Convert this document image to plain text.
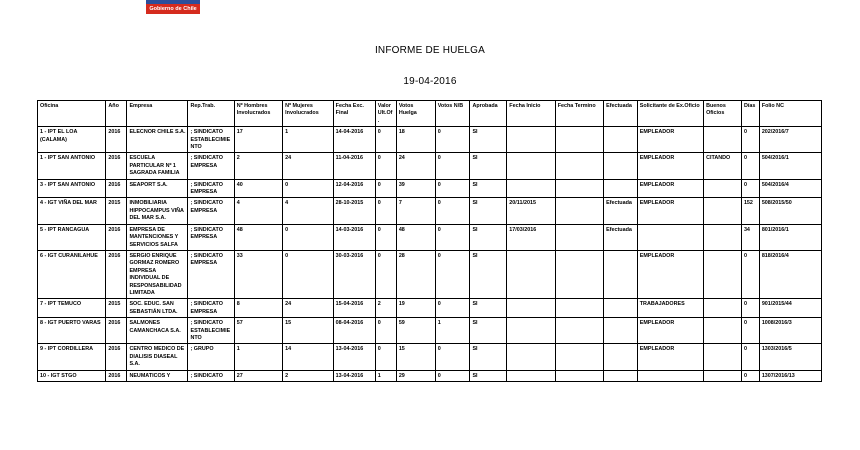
Gobierno de Chile
INFORME DE HUELGA
19-04-2016
Oficina	Año	Empresa	Rep.Trab.	Nº Hombres Involucrados	Nº Mujeres Involucrados	Fecha Exc. Final	Valor Ult.Of.	Votos Huelga	Votos N/B	Aprobada	Fecha Inicio	Fecha Termino	Efectuada	Solicitante de Ex.Oficio	Buenos Oficios	Días	Folio NC
1 - IPT EL LOA (CALAMA)	2016	ELECNOR CHILE S.A.	; SINDICATO ESTABLECIMIENTO	17	1	14-04-2016	0	18	0	SI				EMPLEADOR		0	202/2016/7
1 - IPT SAN ANTONIO	2016	ESCUELA PARTICULAR Nº 1 SAGRADA FAMILIA	; SINDICATO EMPRESA	2	24	11-04-2016	0	24	0	SI				EMPLEADOR	CITANDO	0	504/2016/1
3 - IPT SAN ANTONIO	2016	SEAPORT S.A.	; SINDICATO EMPRESA	40	0	12-04-2016	0	39	0	SI				EMPLEADOR		0	504/2016/4
4 - IGT VIÑA DEL MAR	2015	INMOBILIARIA HIPPOCAMPUS VIÑA DEL MAR S.A.	; SINDICATO EMPRESA	4	4	28-10-2015	0	7	0	SI	20/11/2015		Efectuada	EMPLEADOR		152	508/2015/50
5 - IPT RANCAGUA	2016	EMPRESA DE MANTENCIONES Y SERVICIOS SALFA	; SINDICATO EMPRESA	48	0	14-03-2016	0	48	0	SI	17/03/2016		Efectuada			34	801/2016/1
6 - IGT CURANILAHUE	2016	SERGIO ENRIQUE GORMAZ ROMERO EMPRESA INDIVIDUAL DE RESPONSABILIDAD LIMITADA	; SINDICATO EMPRESA	33	0	30-03-2016	0	28	0	SI				EMPLEADOR		0	818/2016/4
7 - IPT TEMUCO	2015	SOC. EDUC. SAN SEBASTIÁN LTDA.	; SINDICATO EMPRESA	8	24	15-04-2016	2	19	0	SI				TRABAJADORES		0	901/2015/44
8 - IGT PUERTO VARAS	2016	SALMONES CAMANCHACA S.A.	; SINDICATO ESTABLECIMIENTO	57	15	08-04-2016	0	59	1	SI				EMPLEADOR		0	1008/2016/3
9 - IPT CORDILLERA	2016	CENTRO MEDICO DE DIALISIS DIASEAL S.A.	; GRUPO	1	14	13-04-2016	0	15	0	SI				EMPLEADOR		0	1303/2016/5
10 - IGT STGO	2016	NEUMATICOS Y	; SINDICATO	27	2	13-04-2016	1	29	0	SI						0	1307/2016/13
